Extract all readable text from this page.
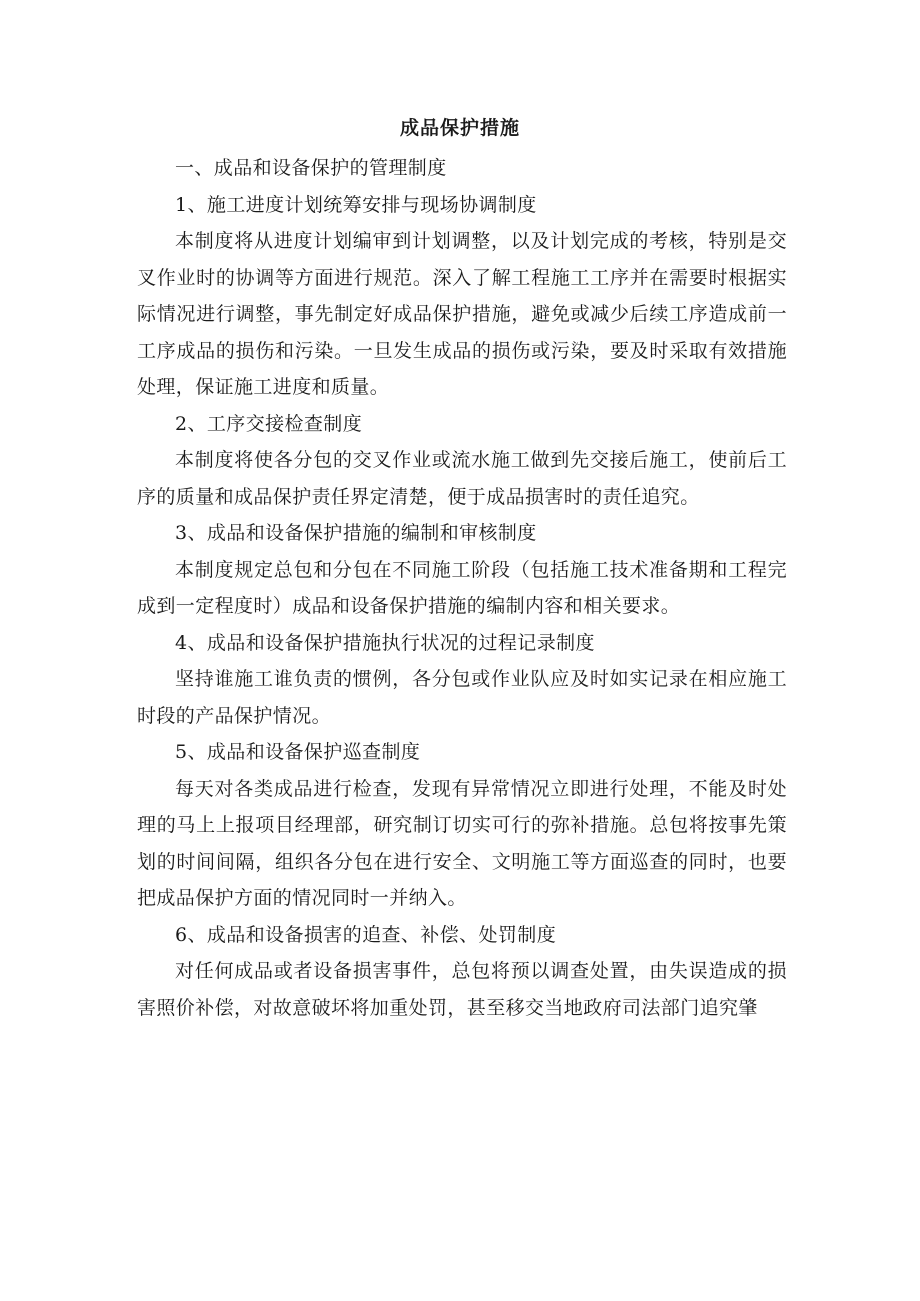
成品保护措施

一、成品和设备保护的管理制度

1、施工进度计划统筹安排与现场协调制度

本制度将从进度计划编审到计划调整，以及计划完成的考核，特别是交叉作业时的协调等方面进行规范。深入了解工程施工工序并在需要时根据实际情况进行调整，事先制定好成品保护措施，避免或减少后续工序造成前一工序成品的损伤和污染。一旦发生成品的损伤或污染，要及时采取有效措施处理，保证施工进度和质量。

2、工序交接检查制度

本制度将使各分包的交叉作业或流水施工做到先交接后施工，使前后工序的质量和成品保护责任界定清楚，便于成品损害时的责任追究。

3、成品和设备保护措施的编制和审核制度

本制度规定总包和分包在不同施工阶段（包括施工技术准备期和工程完成到一定程度时）成品和设备保护措施的编制内容和相关要求。

4、成品和设备保护措施执行状况的过程记录制度

坚持谁施工谁负责的惯例，各分包或作业队应及时如实记录在相应施工时段的产品保护情况。

5、成品和设备保护巡查制度

每天对各类成品进行检查，发现有异常情况立即进行处理，不能及时处理的马上上报项目经理部，研究制订切实可行的弥补措施。总包将按事先策划的时间间隔，组织各分包在进行安全、文明施工等方面巡查的同时，也要把成品保护方面的情况同时一并纳入。

6、成品和设备损害的追查、补偿、处罚制度

对任何成品或者设备损害事件，总包将预以调查处置，由失误造成的损害照价补偿，对故意破坏将加重处罚，甚至移交当地政府司法部门追究肇
